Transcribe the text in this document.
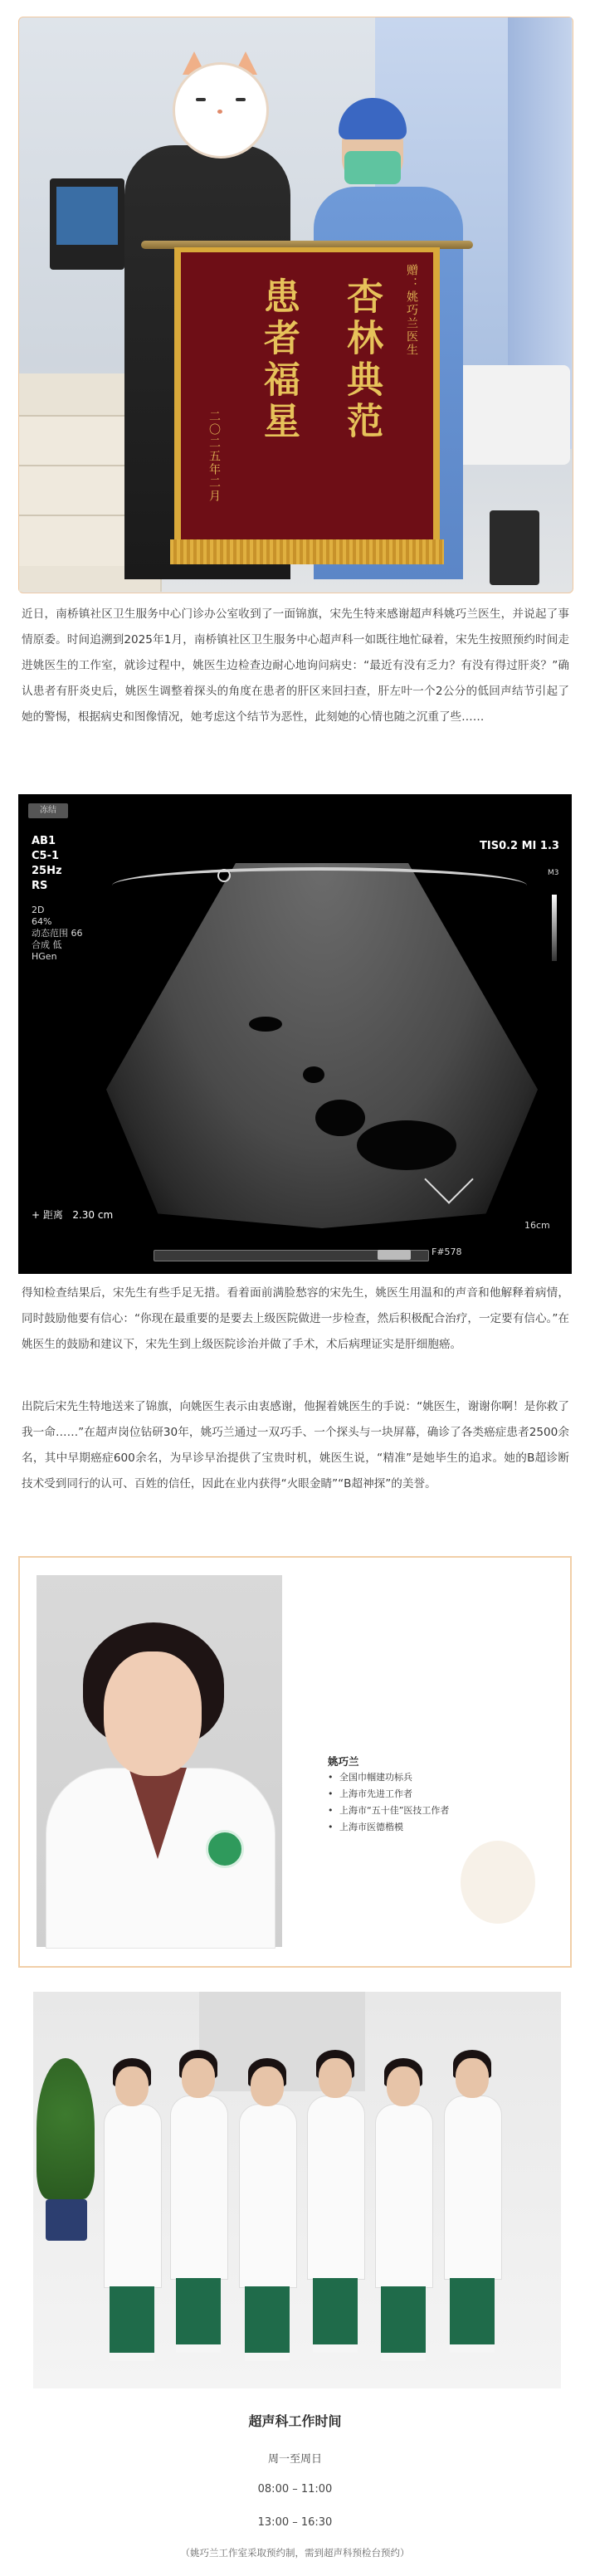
赠：姚巧兰医生
杏林典范
患者福星
二〇二五年二月
近日，南桥镇社区卫生服务中心门诊办公室收到了一面锦旗，宋先生特来感谢超声科姚巧兰医生，并说起了事情原委。时间追溯到2025年1月，南桥镇社区卫生服务中心超声科一如既往地忙碌着，宋先生按照预约时间走进姚医生的工作室，就诊过程中，姚医生边检查边耐心地询问病史：“最近有没有乏力？有没有得过肝炎？”确认患者有肝炎史后，姚医生调整着探头的角度在患者的肝区来回扫查，肝左叶一个2公分的低回声结节引起了她的警惕，根据病史和图像情况，她考虑这个结节为恶性，此刻她的心情也随之沉重了些……
冻结
AB1
C5-1
25Hz
RS
2D
64%
动态范围 66
合成 低
HGen
TIS0.2 MI 1.3
M3
16cm
F#578
+ 距离 2.30 cm
得知检查结果后，宋先生有些手足无措。看着面前满脸愁容的宋先生，姚医生用温和的声音和他解释着病情，同时鼓励他要有信心：“你现在最重要的是要去上级医院做进一步检查，然后积极配合治疗，一定要有信心。”在姚医生的鼓励和建议下，宋先生到上级医院诊治并做了手术，术后病理证实是肝细胞癌。
出院后宋先生特地送来了锦旗，向姚医生表示由衷感谢，他握着姚医生的手说：“姚医生，谢谢你啊！是你救了我一命……”在超声岗位钻研30年，姚巧兰通过一双巧手、一个探头与一块屏幕，确诊了各类癌症患者2500余名，其中早期癌症600余名，为早诊早治提供了宝贵时机，姚医生说，“精准”是她毕生的追求。她的B超诊断技术受到同行的认可、百姓的信任，因此在业内获得“火眼金睛”“B超神探”的美誉。
姚巧兰
• 全国巾帼建功标兵
• 上海市先进工作者
• 上海市“五十佳”医技工作者
• 上海市医德楷模
超声科工作时间
周一至周日
08:00 – 11:00
13:00 – 16:30
（姚巧兰工作室采取预约制，需到超声科预检台预约）
